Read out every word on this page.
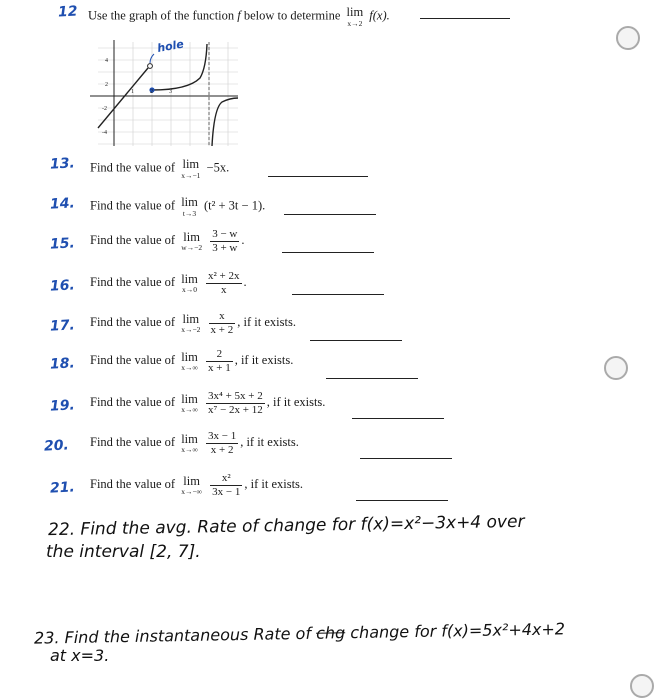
12 Use the graph of the function f below to determine lim
x→2
f(x).
4
2
-2
-4
1	2	3
hole
13. Find the value of lim
x→−1
−5x.
14. Find the value of lim
t→3
(t² + 3t − 1).
15. Find the value of lim
w→−2
$\frac{3 - w}{3 + w}$ .
16. Find the value of lim
x→0
$\frac{\text{x² + 2x}}{x}$ .
17. Find the value of lim
x→−2
$\frac{x}{x + 2}$ , if it exists.
18. Find the value of lim
x→∞
$\frac{2}{x + 1}$ , if it exists.
19. Find the value of lim
x→∞
$\frac{\text{3x⁴ + 5x + 2}}{\text{x⁷ − 2x + 12}}$ , if it exists.
20. Find the value of lim
x→∞
$\frac{3x - 1}{x + 2}$ , if it exists.
21. Find the value of lim
x→−∞
$\frac{\text{x²}}{3x - 1}$ , if it exists.
22. Find the avg. Rate of change for f(x)=x²−3x+4 over
the interval [2, 7].
23. Find the instantaneous Rate of chg change for f(x)=5x²+4x+2
at x=3.
